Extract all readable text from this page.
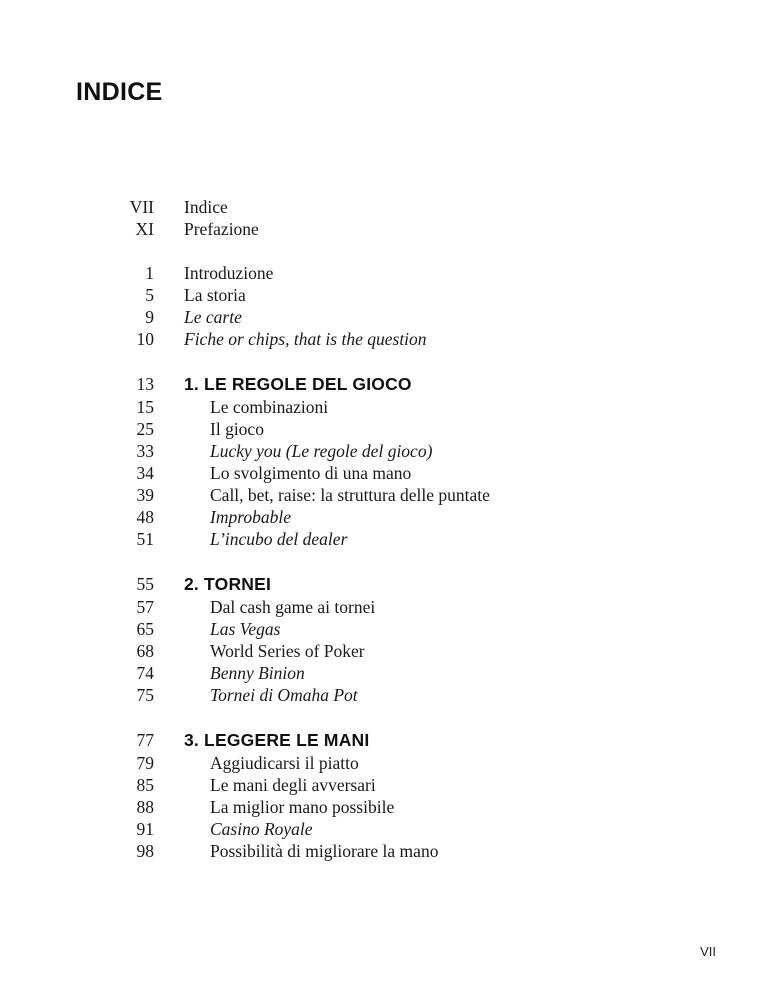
INDICE
VII Indice
XI Prefazione
1 Introduzione
5 La storia
9 Le carte
10 Fiche or chips, that is the question
13 1. LE REGOLE DEL GIOCO
15	Le combinazioni
25	Il gioco
33	Lucky you (Le regole del gioco)
34	Lo svolgimento di una mano
39	Call, bet, raise: la struttura delle puntate
48	Improbable
51	L’incubo del dealer
55 2. TORNEI
57	Dal cash game ai tornei
65	Las Vegas
68	World Series of Poker
74	Benny Binion
75	Tornei di Omaha Pot
77 3. LEGGERE LE MANI
79	Aggiudicarsi il piatto
85	Le mani degli avversari
88	La miglior mano possibile
91	Casino Royale
98	Possibilità di migliorare la mano
VII
